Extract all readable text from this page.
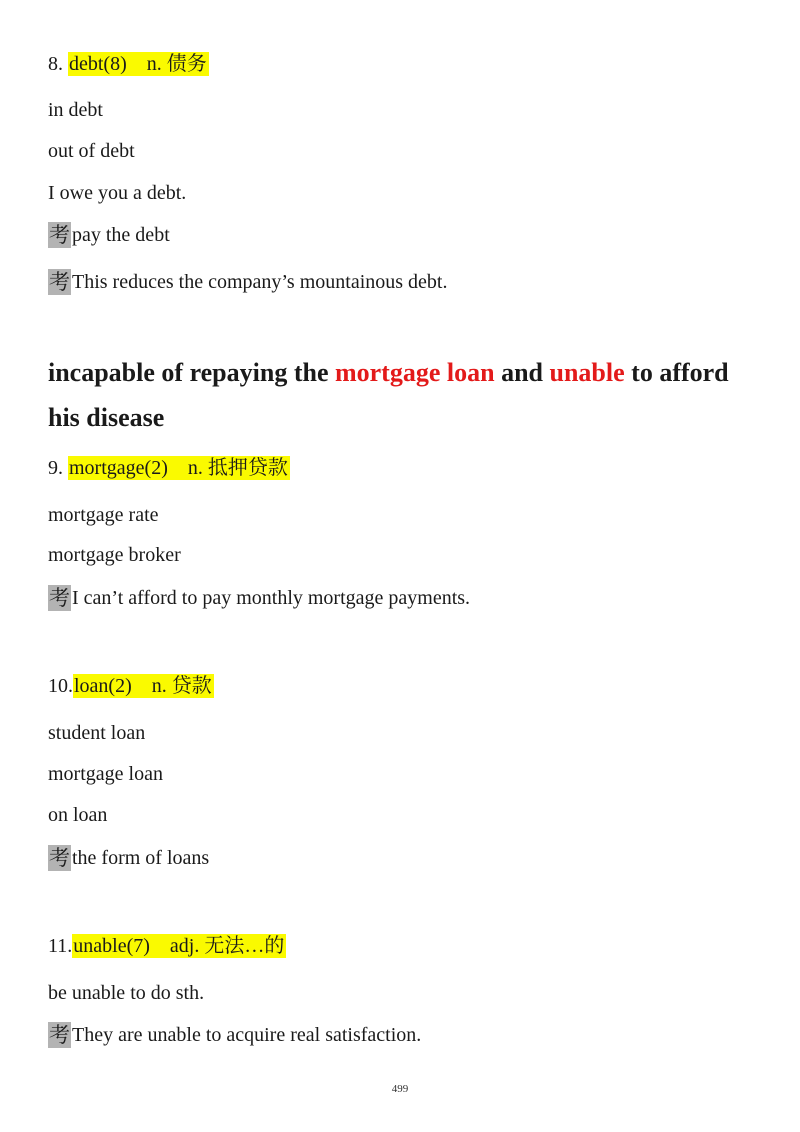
8. debt(8)　n. 债务
in debt
out of debt
I owe you a debt.
考 pay the debt
考 This reduces the company’s mountainous debt.
incapable of repaying the mortgage loan and unable to afford
his disease
9. mortgage(2)　n. 抵押贷款
mortgage rate
mortgage broker
考 I can’t afford to pay monthly mortgage payments.
10.loan(2)　n. 贷款
student loan
mortgage loan
on loan
考 the form of loans
11.unable(7)　adj. 无法…的
be unable to do sth.
考 They are unable to acquire real satisfaction.
499
